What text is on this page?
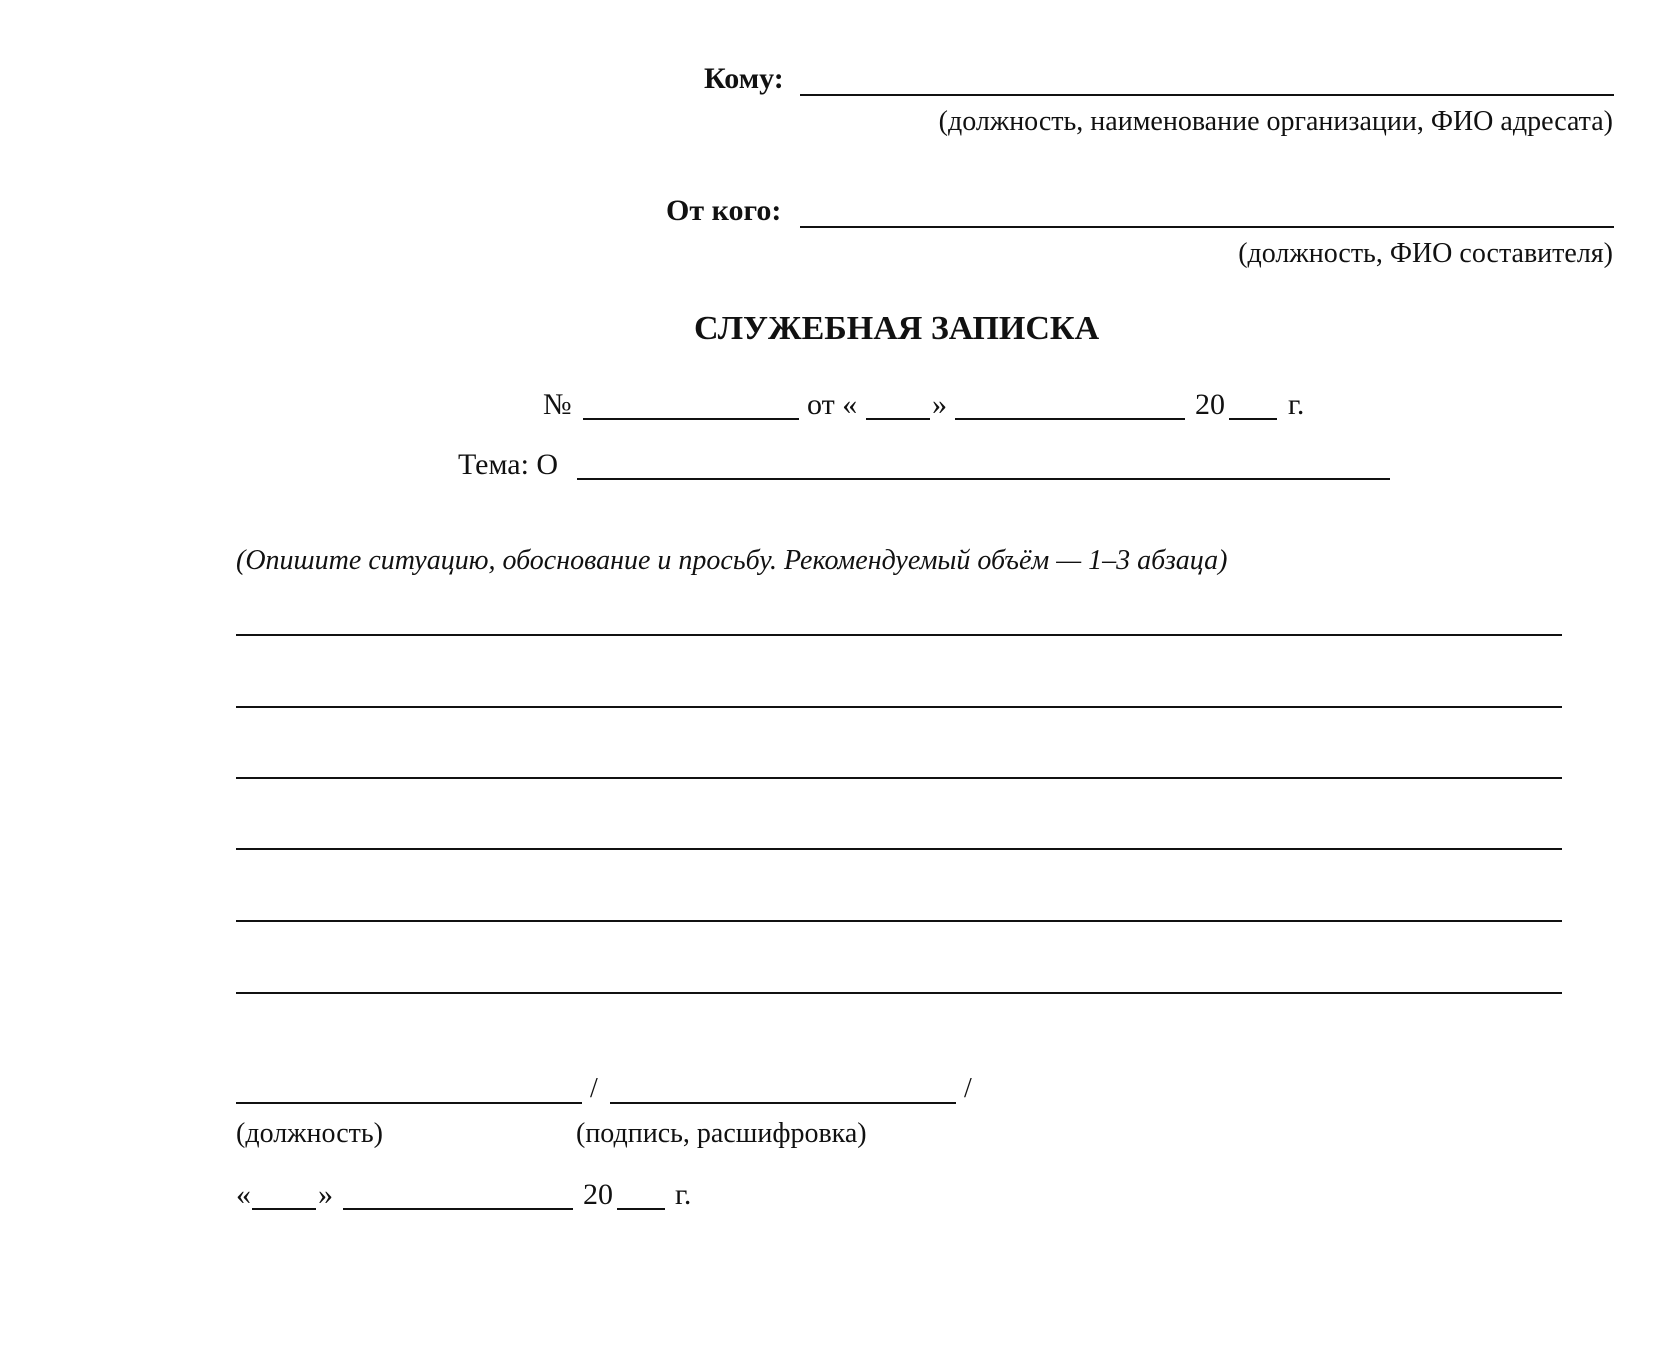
Кому:
(должность, наименование организации, ФИО адресата)
От кого:
(должность, ФИО составителя)
СЛУЖЕБНАЯ ЗАПИСКА
№	от « »	20 г.
Тема: О
(Опишите ситуацию, обоснование и просьбу. Рекомендуемый объём — 1–3 абзаца)
/	/
(должность)	(подпись, расшифровка)
« »	20 г.
